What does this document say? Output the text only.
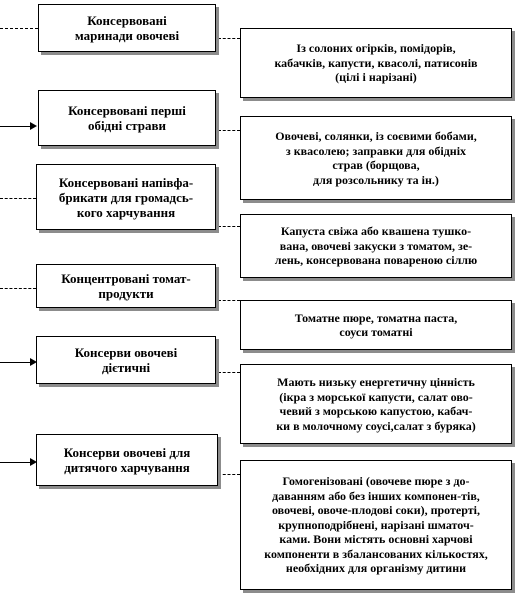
Консервовані
маринади овочеві
Консервовані перші
обідні страви
Консервовані напівфа-
брикати для громадсь-
кого харчування
Концентровані томат-
продукти
Консерви овочеві
дієтичні
Консерви овочеві для
дитячого харчування
Із солоних огірків, помідорів,
кабачків, капусти, квасолі, патисонів
(цілі і нарізані)
Овочеві, солянки, із соєвими бобами,
з квасолею; заправки для обідніх
страв (борщова,
для розсольнику та ін.)
Капуста свіжа або квашена тушко-
вана, овочеві закуски з томатом, зе-
лень, консервована повареною сіллю
Томатне пюре, томатна паста,
соуси томатні
Мають низьку енергетичну цінність
(ікра з морської капусти, салат ово-
чевий з морською капустою, кабач-
ки в молочному соусі,салат з буряка)
Гомогенізовані (овочеве пюре з до-
даванням або без інших компонен-тів,
овочеві, овоче-плодові соки), протерті,
крупноподрібнені, нарізані шматоч-
ками. Вони містять основні харчові
компоненти в збалансованих кількостях,
необхідних для організму дитини
